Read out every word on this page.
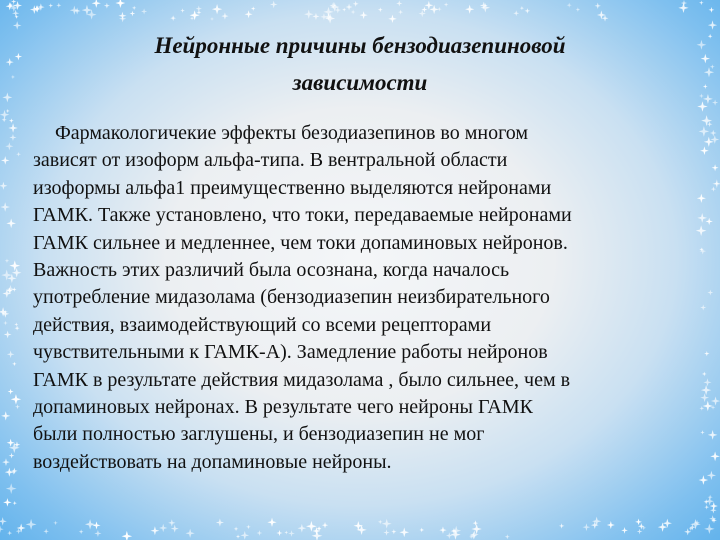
Нейронные причины бензодиазепиновой
зависимости

Фармакологичекие эффекты безодиазепинов во многом
зависят от изоформ альфа-типа. В вентральной области
изоформы альфа1 преимущественно выделяются нейронами
ГАМК. Также установлено, что токи, передаваемые нейронами
ГАМК сильнее и медленнее, чем токи допаминовых нейронов.
Важность этих различий была осознана, когда началось
употребление мидазолама (бензодиазепин неизбирательного
действия, взаимодействующий со всеми рецепторами
чувствительными к ГАМК-А). Замедление работы нейронов
ГАМК в результате действия мидазолама , было сильнее, чем в
допаминовых нейронах. В результате чего нейроны ГАМК
были полностью заглушены, и бензодиазепин не мог
воздействовать на допаминовые нейроны.
